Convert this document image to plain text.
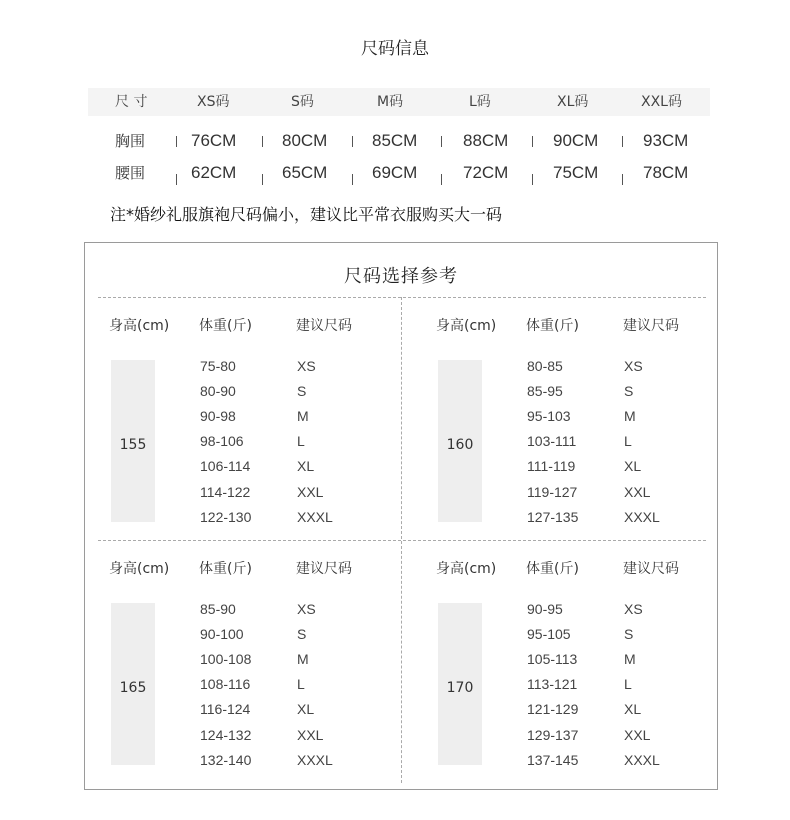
尺码信息
尺 寸	XS码	S码	M码	L码	XL码	XXL码
胸围	76CM	80CM	85CM	88CM	90CM	93CM
腰围	62CM	65CM	69CM	72CM	75CM	78CM
注*婚纱礼服旗袍尺码偏小，建议比平常衣服购买大一码
尺码选择参考
身高(cm) 体重(斤)	建议尺码
155
75-80	XS
80-90	S
90-98	M
98-106	L
106-114	XL
114-122	XXL
122-130	XXXL
身高(cm) 体重(斤)	建议尺码
160
80-85	XS
85-95	S
95-103	M
103-111	L
111-119	XL
119-127	XXL
127-135	XXXL
身高(cm) 体重(斤)	建议尺码
165
85-90	XS
90-100	S
100-108	M
108-116	L
116-124	XL
124-132	XXL
132-140	XXXL
身高(cm) 体重(斤)	建议尺码
170
90-95	XS
95-105	S
105-113	M
113-121	L
121-129	XL
129-137	XXL
137-145	XXXL
